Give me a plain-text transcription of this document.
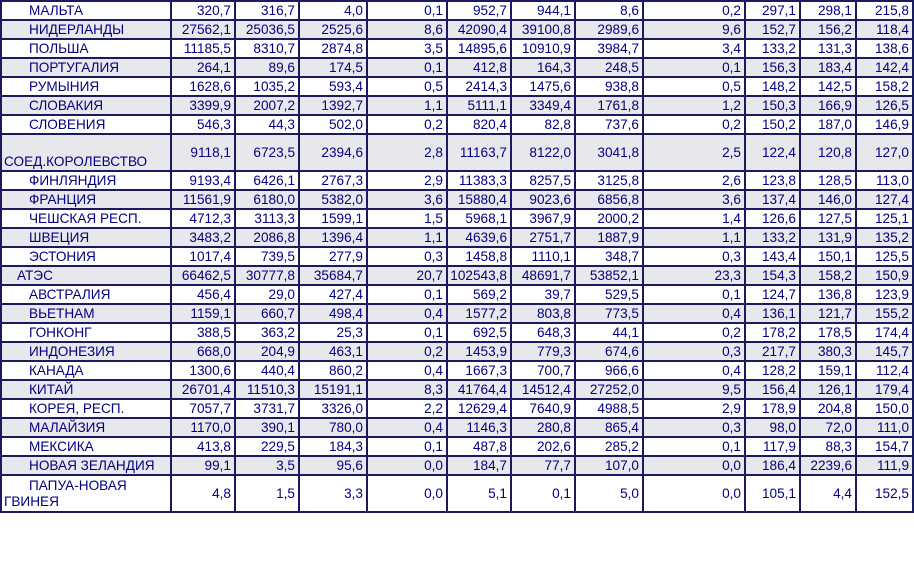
МАЛЬТА	320,7	316,7	4,0	0,1	952,7	944,1	8,6	0,2	297,1	298,1	215,8
НИДЕРЛАНДЫ	27562,1	25036,5	2525,6	8,6	42090,4	39100,8	2989,6	9,6	152,7	156,2	118,4
ПОЛЬША	11185,5	8310,7	2874,8	3,5	14895,6	10910,9	3984,7	3,4	133,2	131,3	138,6
ПОРТУГАЛИЯ	264,1	89,6	174,5	0,1	412,8	164,3	248,5	0,1	156,3	183,4	142,4
РУМЫНИЯ	1628,6	1035,2	593,4	0,5	2414,3	1475,6	938,8	0,5	148,2	142,5	158,2
СЛОВАКИЯ	3399,9	2007,2	1392,7	1,1	5111,1	3349,4	1761,8	1,2	150,3	166,9	126,5
СЛОВЕНИЯ	546,3	44,3	502,0	0,2	820,4	82,8	737,6	0,2	150,2	187,0	146,9
СОЕД.КОРОЛЕВСТВО	9118,1	6723,5	2394,6	2,8	11163,7	8122,0	3041,8	2,5	122,4	120,8	127,0
ФИНЛЯНДИЯ	9193,4	6426,1	2767,3	2,9	11383,3	8257,5	3125,8	2,6	123,8	128,5	113,0
ФРАНЦИЯ	11561,9	6180,0	5382,0	3,6	15880,4	9023,6	6856,8	3,6	137,4	146,0	127,4
ЧЕШСКАЯ РЕСП.	4712,3	3113,3	1599,1	1,5	5968,1	3967,9	2000,2	1,4	126,6	127,5	125,1
ШВЕЦИЯ	3483,2	2086,8	1396,4	1,1	4639,6	2751,7	1887,9	1,1	133,2	131,9	135,2
ЭСТОНИЯ	1017,4	739,5	277,9	0,3	1458,8	1110,1	348,7	0,3	143,4	150,1	125,5
АТЭС	66462,5	30777,8	35684,7	20,7	102543,8	48691,7	53852,1	23,3	154,3	158,2	150,9
АВСТРАЛИЯ	456,4	29,0	427,4	0,1	569,2	39,7	529,5	0,1	124,7	136,8	123,9
ВЬЕТНАМ	1159,1	660,7	498,4	0,4	1577,2	803,8	773,5	0,4	136,1	121,7	155,2
ГОНКОНГ	388,5	363,2	25,3	0,1	692,5	648,3	44,1	0,2	178,2	178,5	174,4
ИНДОНЕЗИЯ	668,0	204,9	463,1	0,2	1453,9	779,3	674,6	0,3	217,7	380,3	145,7
КАНАДА	1300,6	440,4	860,2	0,4	1667,3	700,7	966,6	0,4	128,2	159,1	112,4
КИТАЙ	26701,4	11510,3	15191,1	8,3	41764,4	14512,4	27252,0	9,5	156,4	126,1	179,4
КОРЕЯ, РЕСП.	7057,7	3731,7	3326,0	2,2	12629,4	7640,9	4988,5	2,9	178,9	204,8	150,0
МАЛАЙЗИЯ	1170,0	390,1	780,0	0,4	1146,3	280,8	865,4	0,3	98,0	72,0	111,0
МЕКСИКА	413,8	229,5	184,3	0,1	487,8	202,6	285,2	0,1	117,9	88,3	154,7
НОВАЯ ЗЕЛАНДИЯ	99,1	3,5	95,6	0,0	184,7	77,7	107,0	0,0	186,4	2239,6	111,9

ПАПУА-НОВАЯ
ГВИНЕЯ	4,8	1,5	3,3	0,0	5,1	0,1	5,0	0,0	105,1	4,4	152,5
